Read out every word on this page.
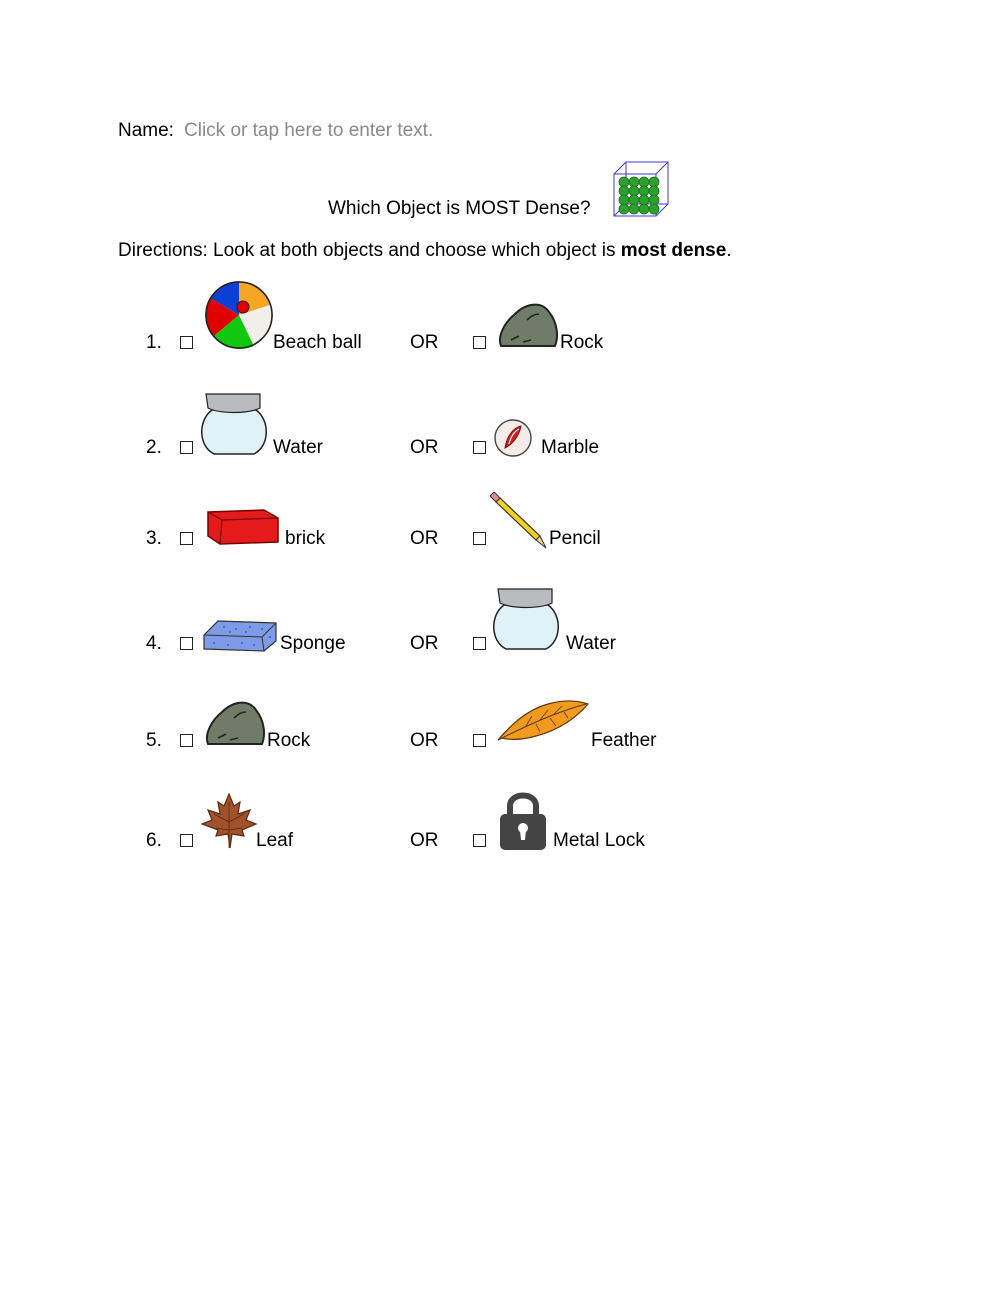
Name:
Click or tap here to enter text.
Which Object is MOST Dense?
Directions: Look at both objects and choose which object is most dense.
1.	Beach ball	OR	Rock
2.	Water	OR	Marble
3.	brick	OR	Pencil
4.	Sponge	OR	Water
5.	Rock	OR	Feather
6.	Leaf	OR	Metal Lock
